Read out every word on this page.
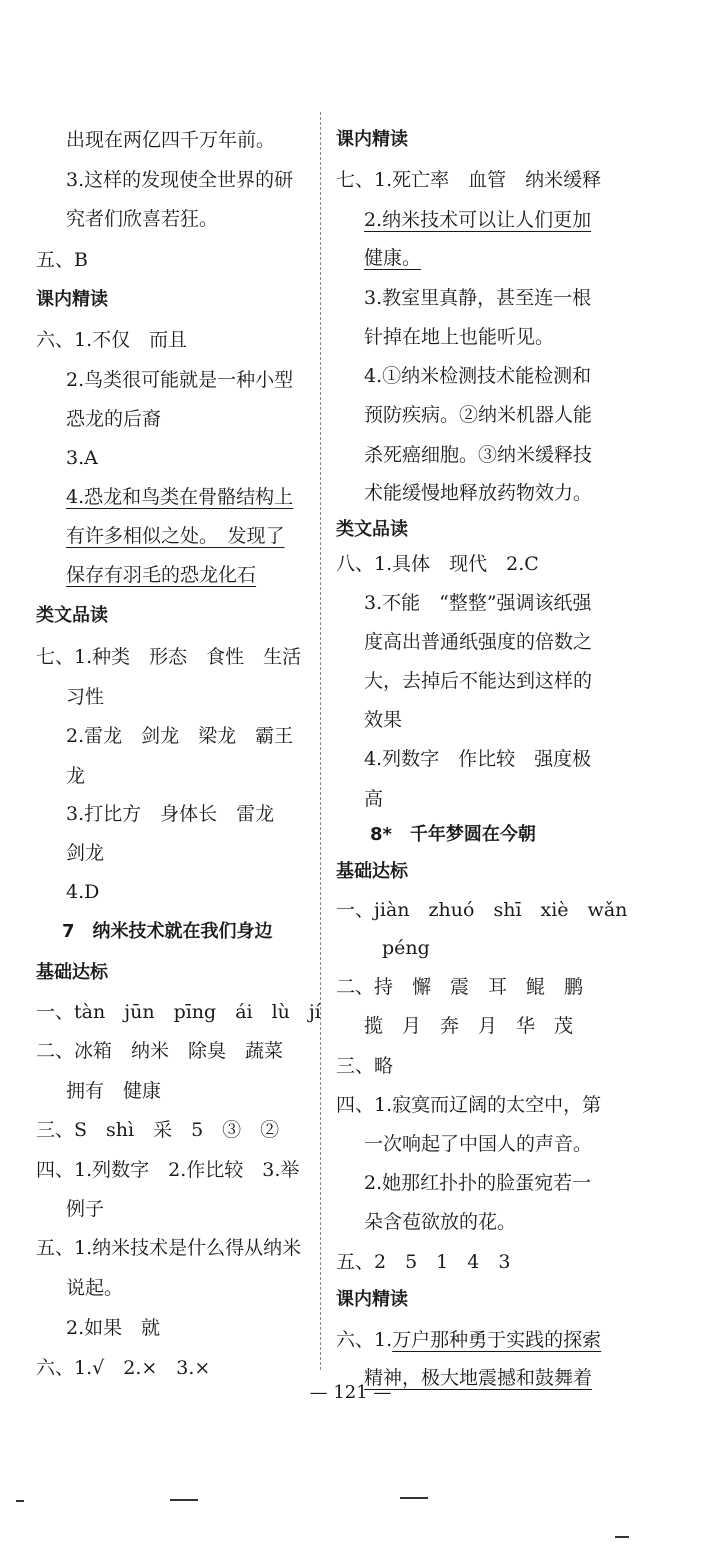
出现在两亿四千万年前。
3.这样的发现使全世界的研
究者们欣喜若狂。
五、B
课内精读
六、1.不仅　而且
2.鸟类很可能就是一种小型
恐龙的后裔
3.A
4.恐龙和鸟类在骨骼结构上
有许多相似之处。　发现了
保存有羽毛的恐龙化石
类文品读
七、1.种类　形态　食性　生活
习性
2.雷龙　剑龙　梁龙　霸王
龙
3.打比方　身体长　雷龙
剑龙
4.D
7　纳米技术就在我们身边
基础达标
一、tàn　jūn　pīng　ái　lù　jí
二、冰箱　纳米　除臭　蔬菜
拥有　健康
三、S　shì　采　5　③　②
四、1.列数字　2.作比较　3.举
例子
五、1.纳米技术是什么得从纳米
说起。
2.如果　就
六、1.√　2.×　3.×
课内精读
七、1.死亡率　血管　纳米缓释
2.纳米技术可以让人们更加
健康。
3.教室里真静，甚至连一根
针掉在地上也能听见。
4.①纳米检测技术能检测和
预防疾病。②纳米机器人能
杀死癌细胞。③纳米缓释技
术能缓慢地释放药物效力。
类文品读
八、1.具体　现代　2.C
3.不能　“整整”强调该纸强
度高出普通纸强度的倍数之
大，去掉后不能达到这样的
效果
4.列数字　作比较　强度极
高
8*　千年梦圆在今朝
基础达标
一、jiàn　zhuó　shī　xiè　wǎn
péng
二、持　懈　震　耳　鲲　鹏
揽　月　奔　月　华　茂
三、略
四、1.寂寞而辽阔的太空中，第
一次响起了中国人的声音。
2.她那红扑扑的脸蛋宛若一
朵含苞欲放的花。
五、2　5　1　4　3
课内精读
六、1.万户那种勇于实践的探索
精神，极大地震撼和鼓舞着
— 121 —
